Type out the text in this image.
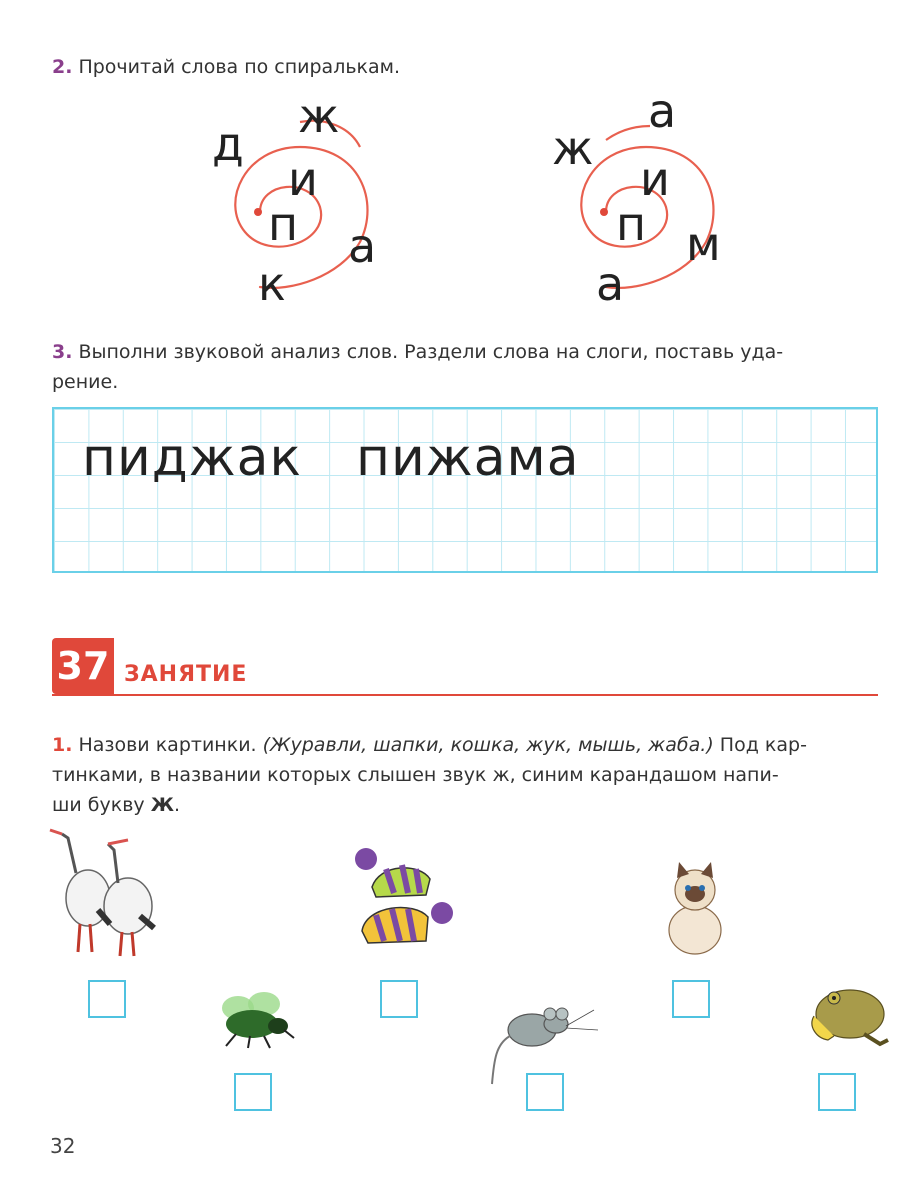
2. Прочитай слова по спиралькам.
п
и
ж
д
к
а	п
и
ж
а
м
а
3. Выполни звуковой анализ слов. Раздели слова на слоги, поставь уда-
рение.
пиджак пижама
37 ЗАНЯТИЕ
1. Назови картинки. (Журавли, шапки, кошка, жук, мышь, жаба.) Под кар-
тинками, в названии которых слышен звук ж, синим карандашом напи-
ши букву Ж.
32
